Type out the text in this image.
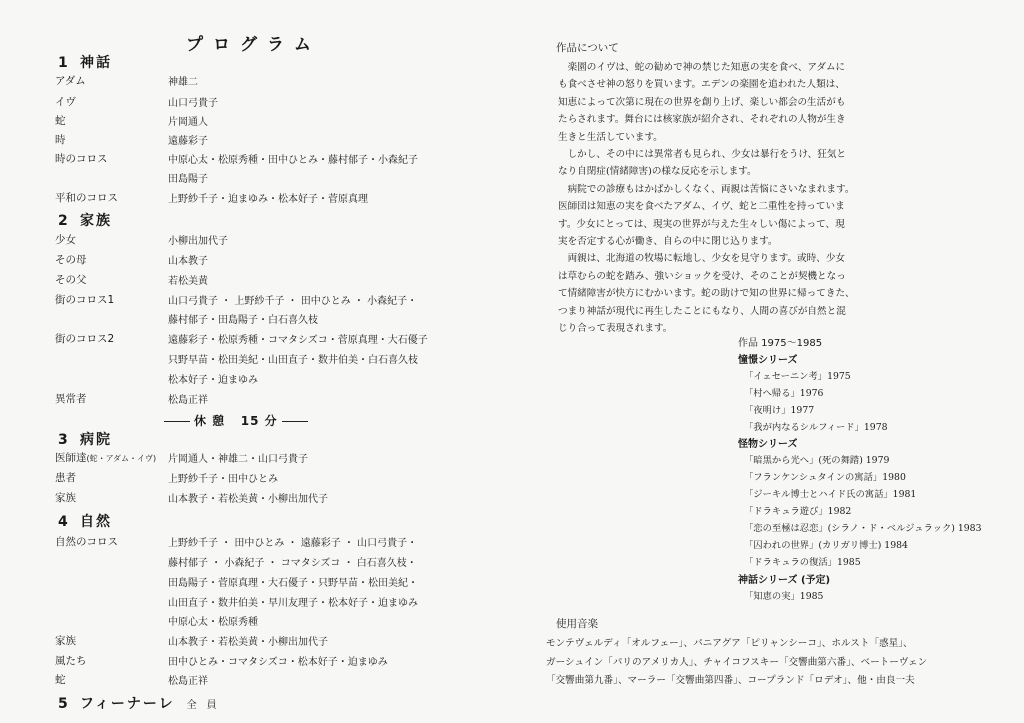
プログラム
1 神話
アダム	神雄二
イヴ	山口弓貴子
蛇	片岡通人
時	遠藤彩子
時のコロス	中原心太・松原秀種・田中ひとみ・藤村郁子・小森紀子
田島陽子
平和のコロス	上野紗千子・迫まゆみ・松本好子・菅原真理
2 家族
少女	小柳出加代子
その母	山本教子
その父	若松美黄
街のコロス1	山口弓貴子 ・ 上野紗千子 ・ 田中ひとみ ・ 小森紀子・
藤村郁子・田島陽子・白石喜久枝
街のコロス2	遠藤彩子・松原秀種・コマタシズコ・菅原真理・大石優子
只野早苗・松田美紀・山田直子・数井伯美・白石喜久枝
松本好子・迫まゆみ
異常者	松島正祥
休 憩 15 分
3 病院
医師達(蛇・アダム・イヴ) 片岡通人・神雄二・山口弓貴子
患者	上野紗千子・田中ひとみ
家族	山本教子・若松美黄・小柳出加代子
4 自然
自然のコロス	上野紗千子 ・ 田中ひとみ ・ 遠藤彩子 ・ 山口弓貴子・
藤村郁子 ・ 小森紀子 ・ コマタシズコ ・ 白石喜久枝・
田島陽子・菅原真理・大石優子・只野早苗・松田美紀・
山田直子・数井伯美・早川友理子・松本好子・迫まゆみ
中原心太・松原秀種
家族	山本教子・若松美黄・小柳出加代子
風たち	田中ひとみ・コマタシズコ・松本好子・迫まゆみ
蛇	松島正祥
5 フィーナーレ 全員
作品について
　楽園のイヴは、蛇の勧めで神の禁じた知恵の実を食べ、アダムに
も食べさせ神の怒りを買います。エデンの楽園を追われた人類は、
知恵によって次第に現在の世界を創り上げ、楽しい都会の生活がも
たらされます。舞台には核家族が紹介され、それぞれの人物が生き
生きと生活しています。
　しかし、その中には異常者も見られ、少女は暴行をうけ、狂気と
なり自閉症(情緒障害)の様な反応を示します。
　病院での診療もはかばかしくなく、両親は苦悩にさいなまれます。
医師団は知恵の実を食べたアダム、イヴ、蛇と二重性を持っていま
す。少女にとっては、現実の世界が与えた生々しい傷によって、現
実を否定する心が働き、自らの中に閉じ込ります。
　両親は、北海道の牧場に転地し、少女を見守ります。或時、少女
は草むらの蛇を踏み、強いショックを受け、そのことが契機となっ
て情緒障害が快方にむかいます。蛇の助けで知の世界に帰ってきた、
つまり神話が現代に再生したことにもなり、人間の喜びが自然と混
じり合って表現されます。
作品 1975〜1985
憧憬シリーズ
「イェセーニン考」1975
「村へ帰る」1976
「夜明け」1977
「我が内なるシルフィード」1978
怪物シリーズ
「暗黒から光へ」(死の舞踏) 1979
「フランケンシュタインの寓話」1980
「ジーキル博士とハイド氏の寓話」1981
「ドラキュラ遊び」1982
「恋の至極は忍恋」(シラノ・ド・ベルジュラック) 1983
「囚われの世界」(カリガリ博士) 1984
「ドラキュラの復活」1985
神話シリーズ (予定)
「知恵の実」1985
使用音楽
モンテヴェルディ「オルフェー」、パニアグア「ピリャンシーコ」、ホルスト「惑星」、
ガーシュイン「パリのアメリカ人」、チャイコフスキー「交響曲第六番」、ベートーヴェン
「交響曲第九番」、マーラー「交響曲第四番」、コープランド「ロデオ」、他・由良一夫
